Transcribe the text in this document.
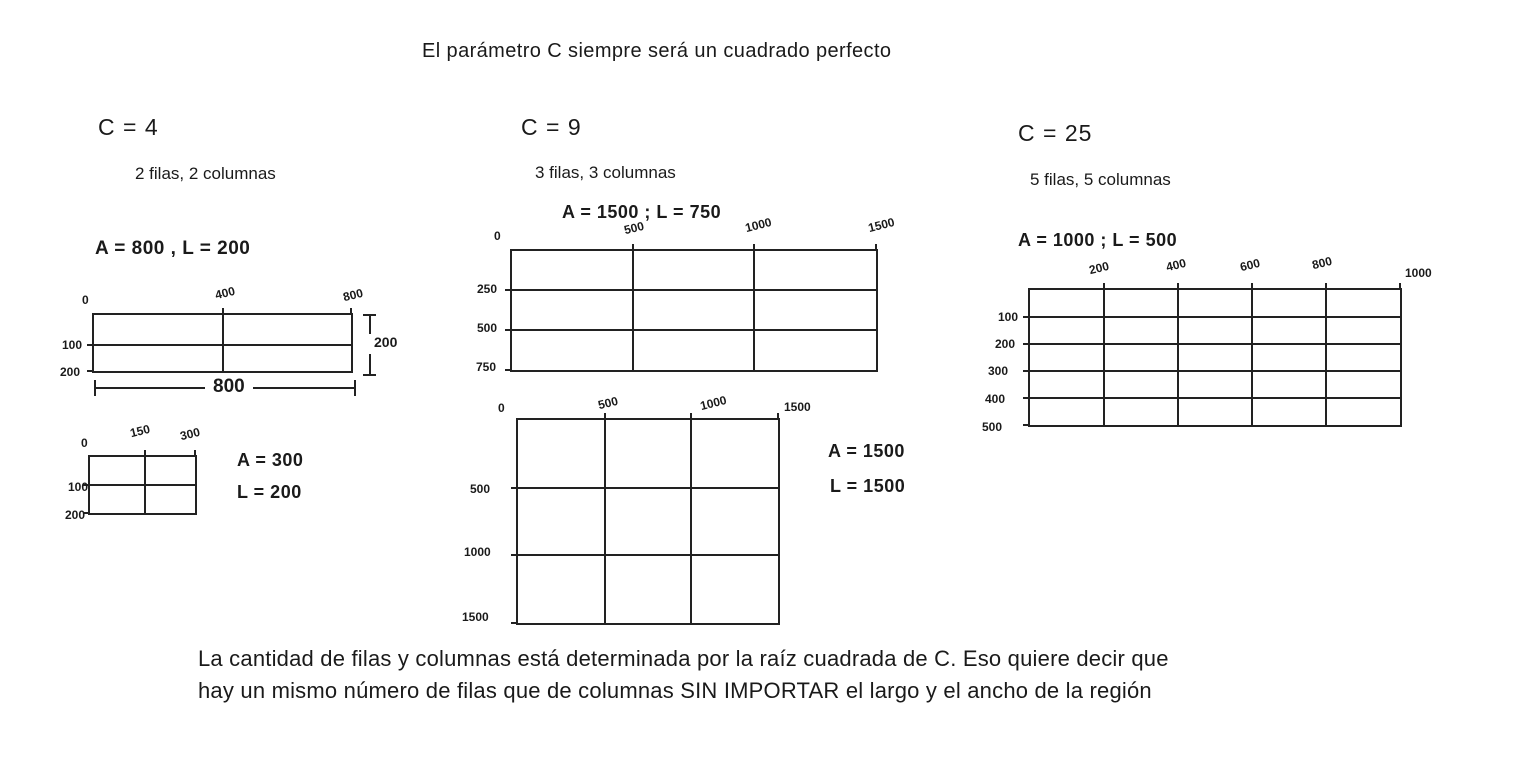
El parámetro C siempre será un cuadrado perfecto
C = 4
2 filas, 2 columnas
A = 800 , L = 200
0	400	800
100
200
200
800
0
150 300
100
200
A = 300
L = 200
C = 9
3 filas, 3 columnas
A = 1500 ; L = 750
0	500	1000	1500
250
500
750
0	500	1000	1500
500
1000
1500
A = 1500
L = 1500
C = 25
5 filas, 5 columnas
A = 1000 ; L = 500
200	400	600	800
1000
100
200
300
400
500
La cantidad de filas y columnas está determinada por la raíz cuadrada de C. Eso quiere decir que
hay un mismo número de filas que de columnas SIN IMPORTAR el largo y el ancho de la región
